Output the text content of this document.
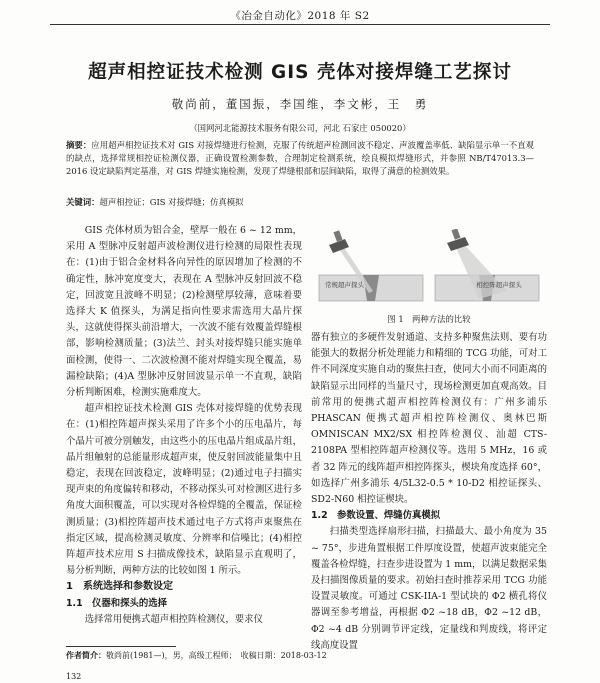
《冶金自动化》2018 年 S2
超声相控证技术检测 GIS 壳体对接焊缝工艺探讨
敬尚前，董国振，李国维，李文彬，王　勇
（国网河北能源技术服务有限公司，河北 石家庄 050020）
摘要：应用超声相控证技术对 GIS 对接焊缝进行检测，克服了传统超声检测回波不稳定、声波覆盖率低、缺陷显示单一不直观的缺点，选择常规相控证检测仪器，正确设置检测参数，合理制定检测系统，绘良模拟焊缝形式，并参照 NB/T47013.3—2016 设定缺陷判定基准，对 GIS 焊缝实施检测，发现了焊缝根部和层间缺陷，取得了满意的检测效果。
关键词：超声相控证；GIS 对接焊缝；仿真模拟

GIS 壳体材质为铝合金，壁厚一般在 6 ~ 12 mm，采用 A 型脉冲反射超声波检测仪进行检测的局限性表现在：(1)由于铝合金材料各向异性的原因增加了检测的不确定性，脉冲宽度变大，表现在 A 型脉冲反射回波不稳定，回波宽且波峰不明显；(2)检测壁厚较薄，意味着要选择大 K 值探头，为满足指向性要求需选用大晶片探头，这就使得探头前沿增大，一次波不能有效覆盖焊缝根部，影响检测质量；(3)法兰、封头对接焊缝只能实施单面检测，使得一、二次波检测不能对焊缝实现全覆盖，易漏检缺陷；(4)A 型脉冲反射回波显示单一不直观，缺陷分析判断困难，检测实施难度大。

超声相控证技术检测 GIS 壳体对接焊缝的优势表现在：(1)相控阵超声探头采用了许多个小的压电晶片，每个晶片可被分别触发，由这些小的压电晶片组成晶片组，晶片组触射的总能量形成超声束，使反射回波能量集中且稳定，表现在回波稳定，波峰明显；(2)通过电子扫描实现声束的角度偏转和移动，不移动探头可对检测区进行多角度大面积覆盖，可以实现对各检焊缝的全覆盖，保证检测质量；(3)相控阵超声技术通过电子方式将声束聚焦在指定区域，提高检测灵敏度、分辨率和信噪比；(4)相控阵超声技术应用 S 扫描成像技术，缺陷显示直观明了，易分析判断，两种方法的比较如图 1 所示。

1　系统选择和参数设定

1.1　仪器和探头的选择

选择常用便携式超声相控阵检测仪，要求仪

常规超声探头	相控阵超声探头
图 1　两种方法的比较

器有独立的多硬件发射通道、支持多种聚焦法则、要有功能强大的数据分析处理能力和精细的 TCG 功能，可对工件不同深度实施自动的聚焦扫查，使同大小而不同距离的缺陷显示出同样的当量尺寸，现场检测更加直观高效。目前常用的便携式超声相控阵检测仪有：广州多浦乐 PHASCAN 便携式超声相控阵检测仪、奥林巴斯 OMNISCAN MX2/SX 相控阵检测仪、汕超 CTS-2108PA 型相控阵超声检测仪等。选用 5 MHz，16 或者 32 阵元的线阵超声相控阵探头，楔块角度选择 60°，如选择广州多浦乐 4/5L32-0.5 * 10-D2 相控证探头、SD2-N60 相控证楔块。

1.2　参数设置、焊缝仿真模拟

扫描类型选择扇形扫描，扫描最大、最小角度为 35 ~ 75°，步进角置根据工件厚度设置，使超声波束能完全覆盖各检焊缝，扫查步进设置为 1 mm，以满足数据采集及扫描图像质量的要求。初始扫查时推荐采用 TCG 功能设置灵敏度。可通过 CSK-IIA-1 型试块的 Φ2 横孔将仪器调至参考增益，再根据 Φ2 ~18 dB，Φ2 ~12 dB，Φ2 ~4 dB 分别调节评定线，定量线和判废线，将评定线高度设置

作者简介：敬尚前(1981—)，男，高级工程师；　收稿日期：2018-03-12
132
